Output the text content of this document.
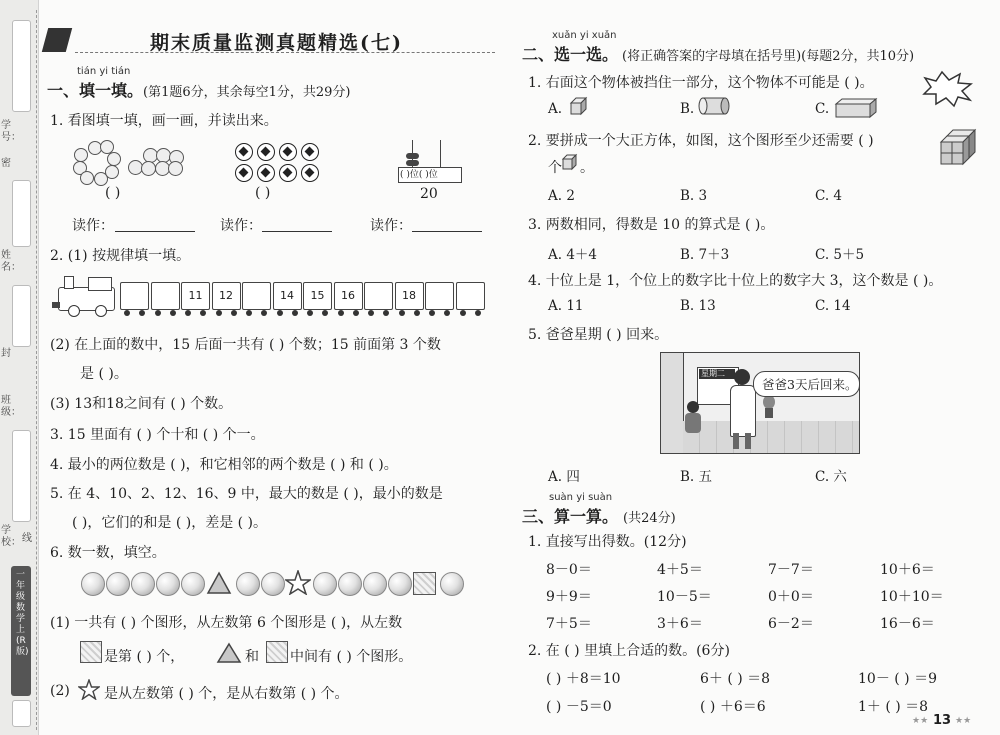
学号：
密
姓名：
封
班级：
学校： 线
一年级 数学 上(R版)
期末质量监测真题精选(七)
tián yi tián
一、填一填。 (第1题6分，其余每空1分，共29分)
1. 看图填一填，画一画，并读出来。
( )位( )位
( )	( )	20
读作：	读作：	读作：
2. (1) 按规律填一填。
11	12	14	15	16	18
(2) 在上面的数中，15 后面一共有 ( ) 个数；15 前面第 3 个数
是 ( )。
(3) 13和18之间有 ( ) 个数。
3. 15 里面有 ( ) 个十和 ( ) 个一。
4. 最小的两位数是 ( )，和它相邻的两个数是 ( ) 和 ( )。
5. 在 4、10、2、12、16、9 中，最大的数是 ( )，最小的数是
( )，它们的和是 ( )，差是 ( )。
6. 数一数，填空。
(1) 一共有 ( ) 个图形，从左数第 6 个图形是 ( )，从左数
是第 ( ) 个，	和 中间有 ( ) 个图形。
(2) 是从左数第 ( ) 个，是从右数第 ( ) 个。
xuǎn yi xuǎn
二、选一选。 (将正确答案的字母填在括号里)(每题2分，共10分)
1. 右面这个物体被挡住一部分，这个物体不可能是 ( )。
A.	B.	C.
2. 要拼成一个大正方体，如图，这个图形至少还需要 ( )
个 。
A. 2	B. 3	C. 4
3. 两数相同，得数是 10 的算式是 ( )。
A. 4＋4	B. 7＋3	C. 5＋5
4. 十位上是 1，个位上的数字比十位上的数字大 3，这个数是 ( )。
A. 11	B. 13	C. 14
5. 爸爸星期 ( ) 回来。
星期二
爸爸3天后回来。
A. 四	B. 五	C. 六
suàn yi suàn
三、算一算。 (共24分)
1. 直接写出得数。(12分)
8－0＝	4＋5＝	7－7＝	10＋6＝
9＋9＝	10－5＝	0＋0＝	10＋10＝
7＋5＝	3＋6＝	6－2＝	16－6＝
2. 在 ( ) 里填上合适的数。(6分)
( ) ＋8＝10	6＋ ( ) ＝8	10－ ( ) ＝9
( ) －5＝0	( ) ＋6＝6	1＋ ( ) ＝8
★★ 13 ★★
